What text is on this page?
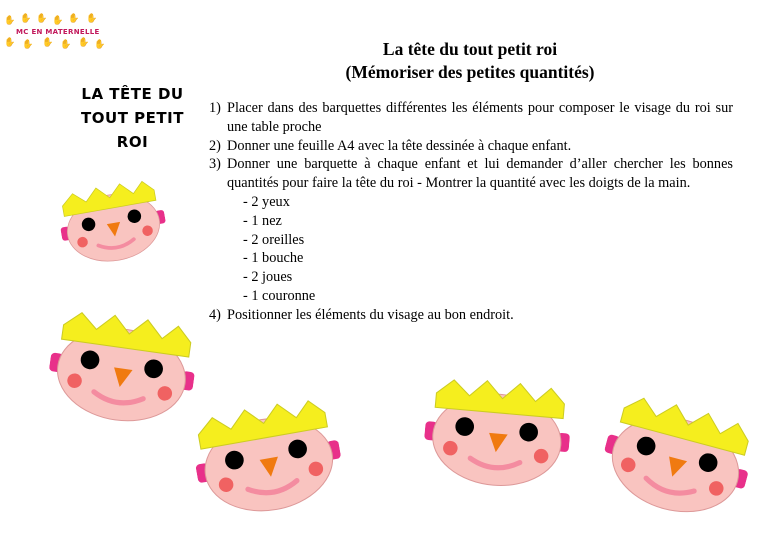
✋ ✋ ✋ ✋ ✋ ✋
✋ ✋ ✋ ✋ ✋ ✋
MC EN MATERNELLE
La tête du tout petit roi
(Mémoriser des petites quantités)
LA TÊTE DU
TOUT PETIT
ROI
1) Placer dans des barquettes différentes les éléments pour composer le visage du roi sur une table proche
2) Donner une feuille A4 avec la tête dessinée à chaque enfant.
3) Donner une barquette à chaque enfant et lui demander d’aller chercher les bonnes quantités pour faire la tête du roi - Montrer la quantité avec les doigts de la main.
- 2 yeux
- 1 nez
- 2 oreilles
- 1 bouche
- 2 joues
- 1 couronne
4) Positionner les éléments du visage au bon endroit.
